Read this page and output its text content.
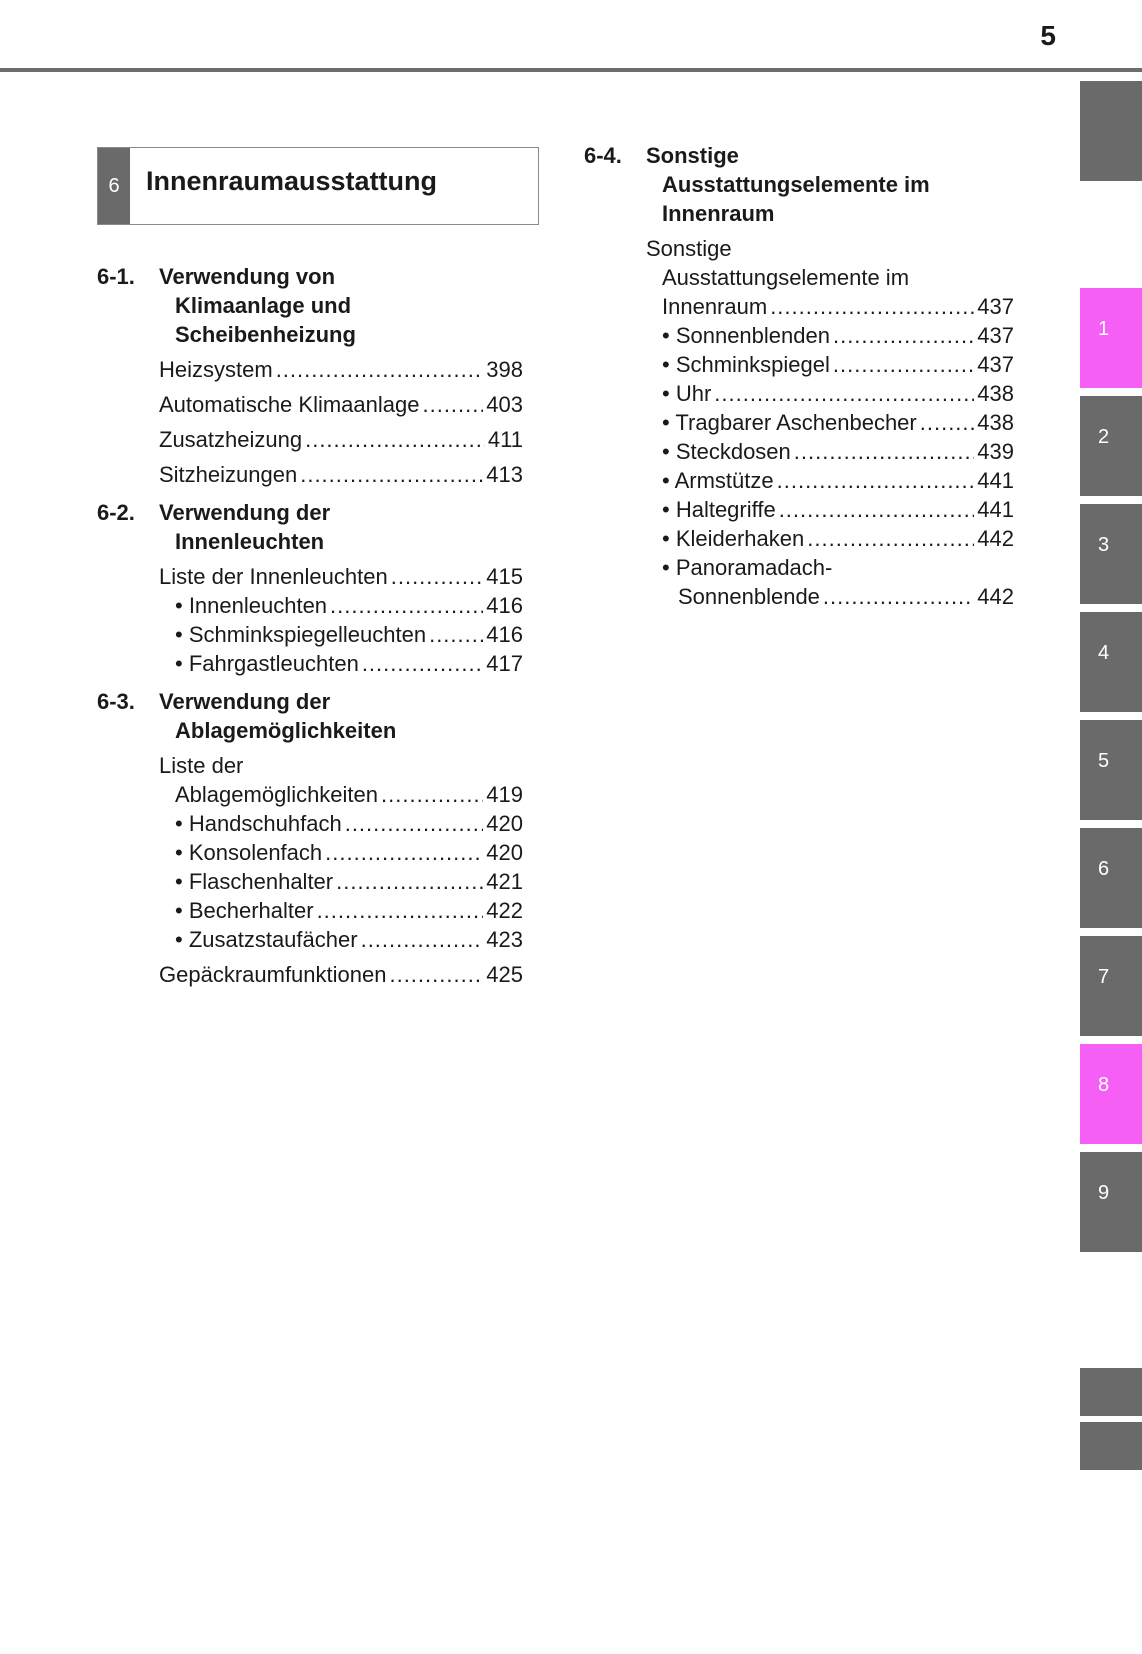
5
6 Innenraumausstattung
6-1.	Verwendung von
Klimaanlage und
Scheibenheizung
Heizsystem .....	398
Automatische Klimaanlage .....	403
Zusatzheizung .....	411
Sitzheizungen .....	413
6-2.	Verwendung der
Innenleuchten
Liste der Innenleuchten .....	415
• Innenleuchten .....	416
• Schminkspiegelleuchten .....	416
• Fahrgastleuchten .....	417
6-3.	Verwendung der
Ablagemöglichkeiten
Liste der
Ablagemöglichkeiten .....	419
• Handschuhfach .....	420
• Konsolenfach .....	420
• Flaschenhalter .....	421
• Becherhalter .....	422
• Zusatzstaufächer .....	423
Gepäckraumfunktionen .....	425
6-4.	Sonstige
Ausstattungselemente im
Innenraum
Sonstige
Ausstattungselemente im
Innenraum .....	437
• Sonnenblenden .....	437
• Schminkspiegel .....	437
• Uhr .....	438
• Tragbarer Aschenbecher .....	438
• Steckdosen .....	439
• Armstütze .....	441
• Haltegriffe .....	441
• Kleiderhaken .....	442
• Panoramadach-
Sonnenblende .....	442
1
2
3
4
5
6
7
8
9
